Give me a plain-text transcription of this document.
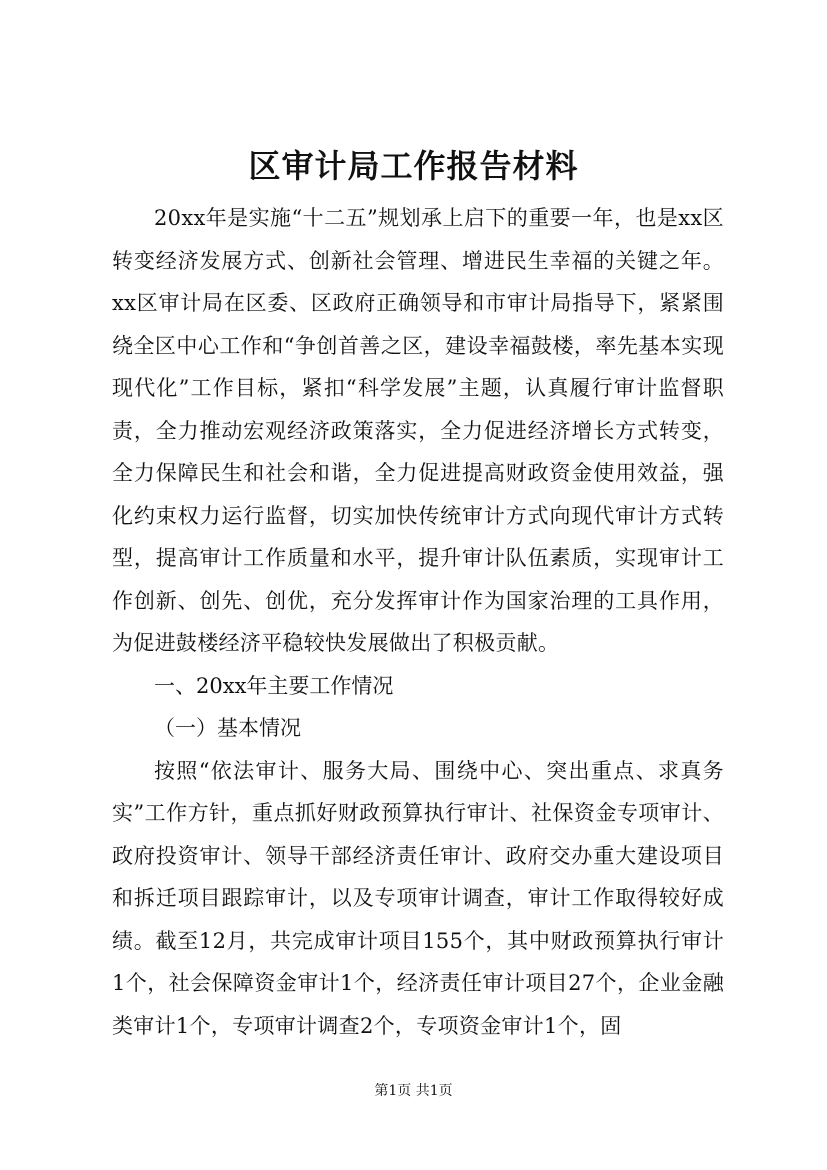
区审计局工作报告材料

20xx年是实施“十二五”规划承上启下的重要一年，也是xx区转变经济发展方式、创新社会管理、增进民生幸福的关键之年。xx区审计局在区委、区政府正确领导和市审计局指导下，紧紧围绕全区中心工作和“争创首善之区，建设幸福鼓楼，率先基本实现现代化”工作目标，紧扣“科学发展”主题，认真履行审计监督职责，全力推动宏观经济政策落实，全力促进经济增长方式转变，全力保障民生和社会和谐，全力促进提高财政资金使用效益，强化约束权力运行监督，切实加快传统审计方式向现代审计方式转型，提高审计工作质量和水平，提升审计队伍素质，实现审计工作创新、创先、创优，充分发挥审计作为国家治理的工具作用，为促进鼓楼经济平稳较快发展做出了积极贡献。

一、20xx年主要工作情况

（一）基本情况

按照“依法审计、服务大局、围绕中心、突出重点、求真务实”工作方针，重点抓好财政预算执行审计、社保资金专项审计、政府投资审计、领导干部经济责任审计、政府交办重大建设项目和拆迁项目跟踪审计，以及专项审计调查，审计工作取得较好成绩。截至12月，共完成审计项目155个，其中财政预算执行审计1个，社会保障资金审计1个，经济责任审计项目27个，企业金融类审计1个，专项审计调查2个，专项资金审计1个，固

第1页 共1页
